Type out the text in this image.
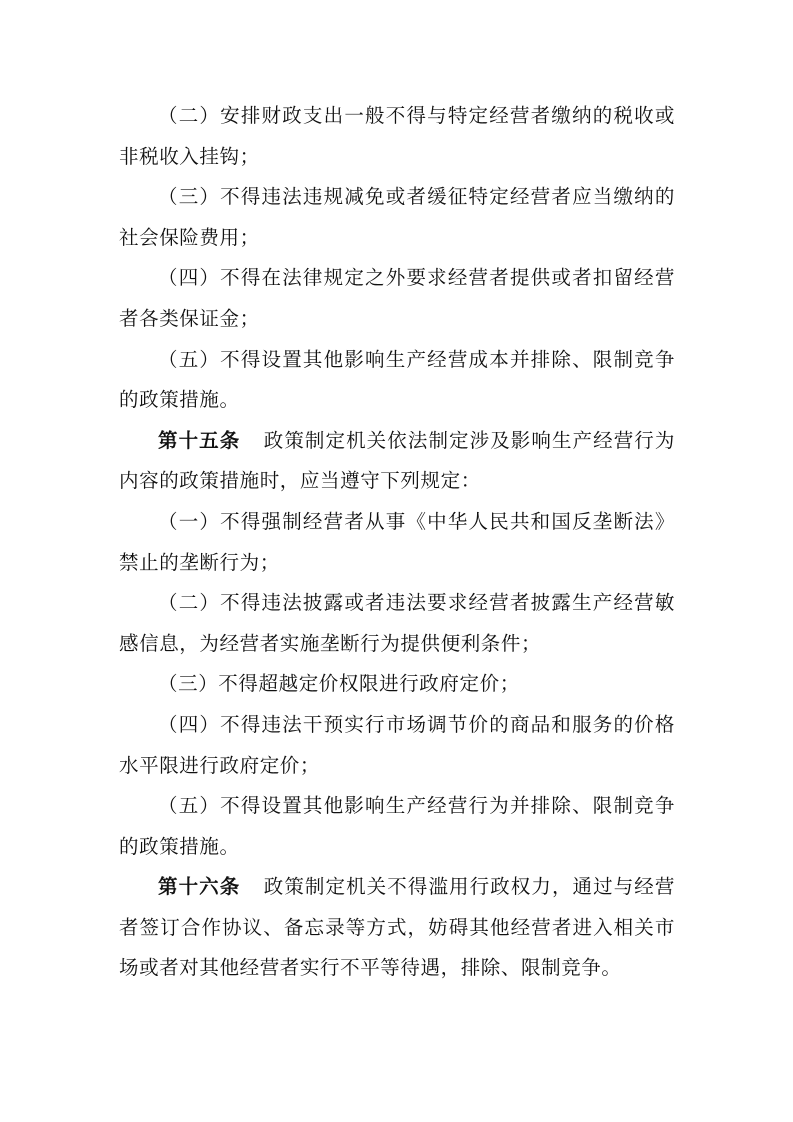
（二）安排财政支出一般不得与特定经营者缴纳的税收或非税收入挂钩；

（三）不得违法违规减免或者缓征特定经营者应当缴纳的社会保险费用；

（四）不得在法律规定之外要求经营者提供或者扣留经营者各类保证金；

（五）不得设置其他影响生产经营成本并排除、限制竞争的政策措施。

第十五条 政策制定机关依法制定涉及影响生产经营行为内容的政策措施时，应当遵守下列规定：

（一）不得强制经营者从事《中华人民共和国反垄断法》禁止的垄断行为；

（二）不得违法披露或者违法要求经营者披露生产经营敏感信息，为经营者实施垄断行为提供便利条件；

（三）不得超越定价权限进行政府定价；

（四）不得违法干预实行市场调节价的商品和服务的价格水平限进行政府定价；

（五）不得设置其他影响生产经营行为并排除、限制竞争的政策措施。

第十六条 政策制定机关不得滥用行政权力，通过与经营者签订合作协议、备忘录等方式，妨碍其他经营者进入相关市场或者对其他经营者实行不平等待遇，排除、限制竞争。
